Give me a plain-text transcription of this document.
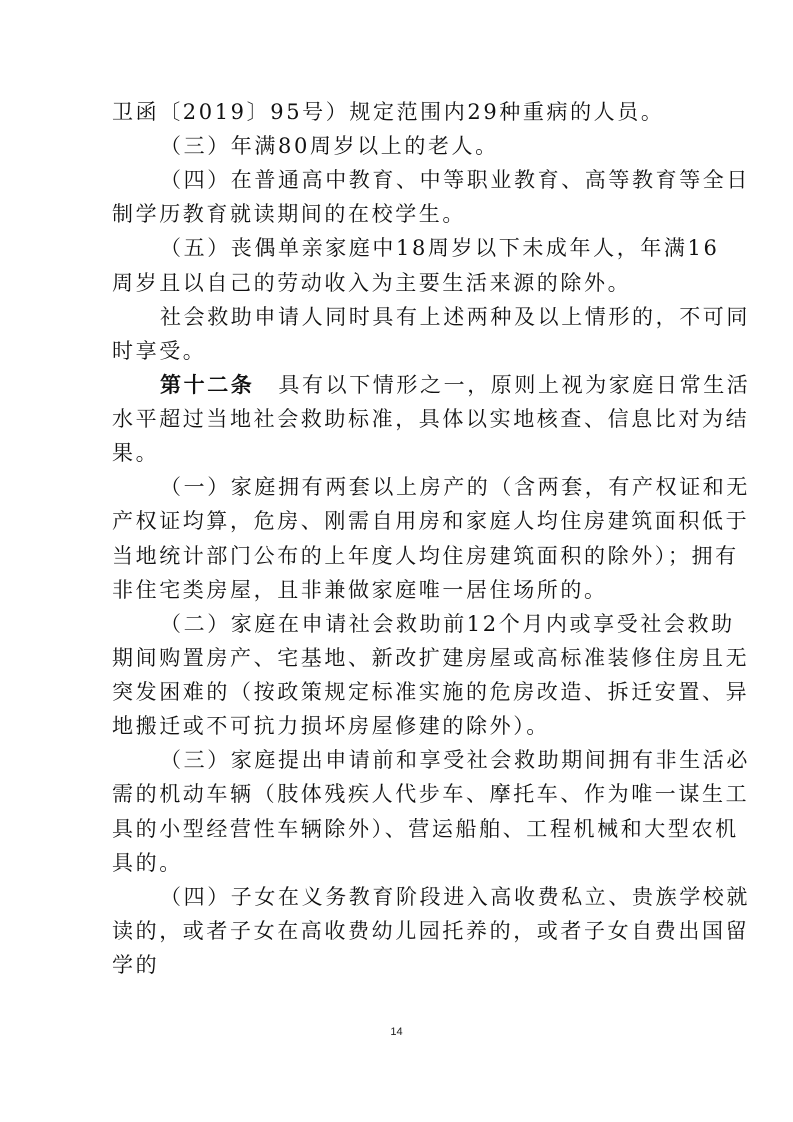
卫函〔2019〕95号）规定范围内29种重病的人员。
（三）年满80周岁以上的老人。
（四）在普通高中教育、中等职业教育、高等教育等全日
制学历教育就读期间的在校学生。
（五）丧偶单亲家庭中18周岁以下未成年人，年满16
周岁且以自己的劳动收入为主要生活来源的除外。
社会救助申请人同时具有上述两种及以上情形的，不可同
时享受。
第十二条 具有以下情形之一，原则上视为家庭日常生活
水平超过当地社会救助标准，具体以实地核查、信息比对为结
果。
（一）家庭拥有两套以上房产的（含两套，有产权证和无
产权证均算，危房、刚需自用房和家庭人均住房建筑面积低于
当地统计部门公布的上年度人均住房建筑面积的除外）；拥有
非住宅类房屋，且非兼做家庭唯一居住场所的。
（二）家庭在申请社会救助前12个月内或享受社会救助
期间购置房产、宅基地、新改扩建房屋或高标准装修住房且无
突发困难的（按政策规定标准实施的危房改造、拆迁安置、异
地搬迁或不可抗力损坏房屋修建的除外）。
（三）家庭提出申请前和享受社会救助期间拥有非生活必
需的机动车辆（肢体残疾人代步车、摩托车、作为唯一谋生工
具的小型经营性车辆除外）、营运船舶、工程机械和大型农机
具的。
（四）子女在义务教育阶段进入高收费私立、贵族学校就
读的，或者子女在高收费幼儿园托养的，或者子女自费出国留
学的
14
